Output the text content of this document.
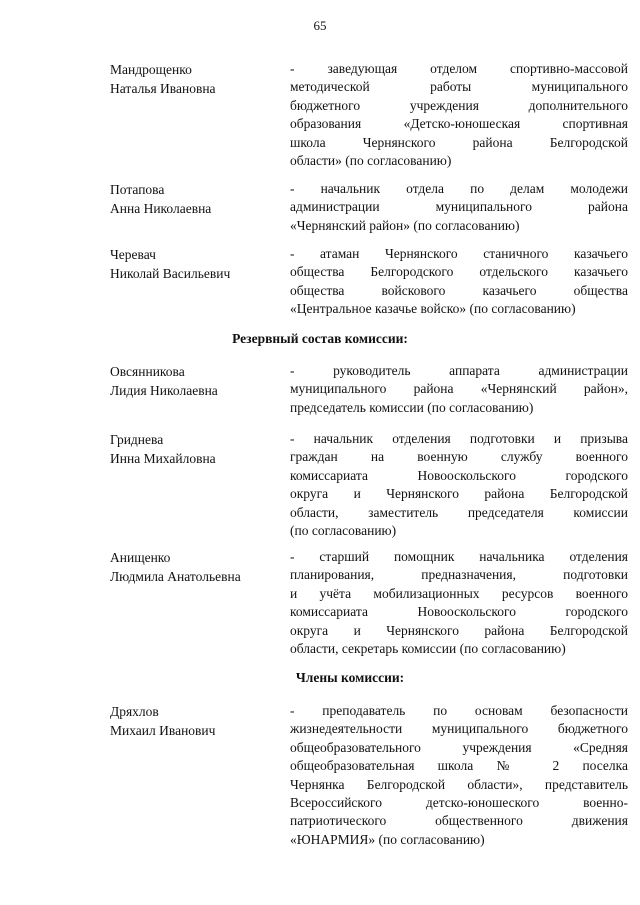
65
Мандрощенко
Наталья Ивановна
- заведующая отделом спортивно-массовой
методической работы муниципального
бюджетного учреждения дополнительного
образования «Детско-юношеская спортивная
школа Чернянского района Белгородской
области» (по согласованию)
Потапова
Анна Николаевна
- начальник отдела по делам молодежи
администрации муниципального района
«Чернянский район» (по согласованию)
Черевач
Николай Васильевич
- атаман Чернянского станичного казачьего
общества Белгородского отдельского казачьего
общества войскового казачьего общества
«Центральное казачье войско» (по согласованию)
Резервный состав комиссии:
Овсянникова
Лидия Николаевна
- руководитель аппарата администрации
муниципального района «Чернянский район»,
председатель комиссии (по согласованию)
Гриднева
Инна Михайловна
- начальник отделения подготовки и призыва
граждан на военную службу военного
комиссариата Новооскольского городского
округа и Чернянского района Белгородской
области, заместитель председателя комиссии
(по согласованию)
Анищенко
Людмила Анатольевна
- старший помощник начальника отделения
планирования, предназначения, подготовки
и учёта мобилизационных ресурсов военного
комиссариата Новооскольского городского
округа и Чернянского района Белгородской
области, секретарь комиссии (по согласованию)
Члены комиссии:
Дряхлов
Михаил Иванович
- преподаватель по основам безопасности
жизнедеятельности муниципального бюджетного
общеобразовательного учреждения «Средняя
общеобразовательная школа № 2 поселка
Чернянка Белгородской области», представитель
Всероссийского детско-юношеского военно-
патриотического общественного движения
«ЮНАРМИЯ» (по согласованию)
